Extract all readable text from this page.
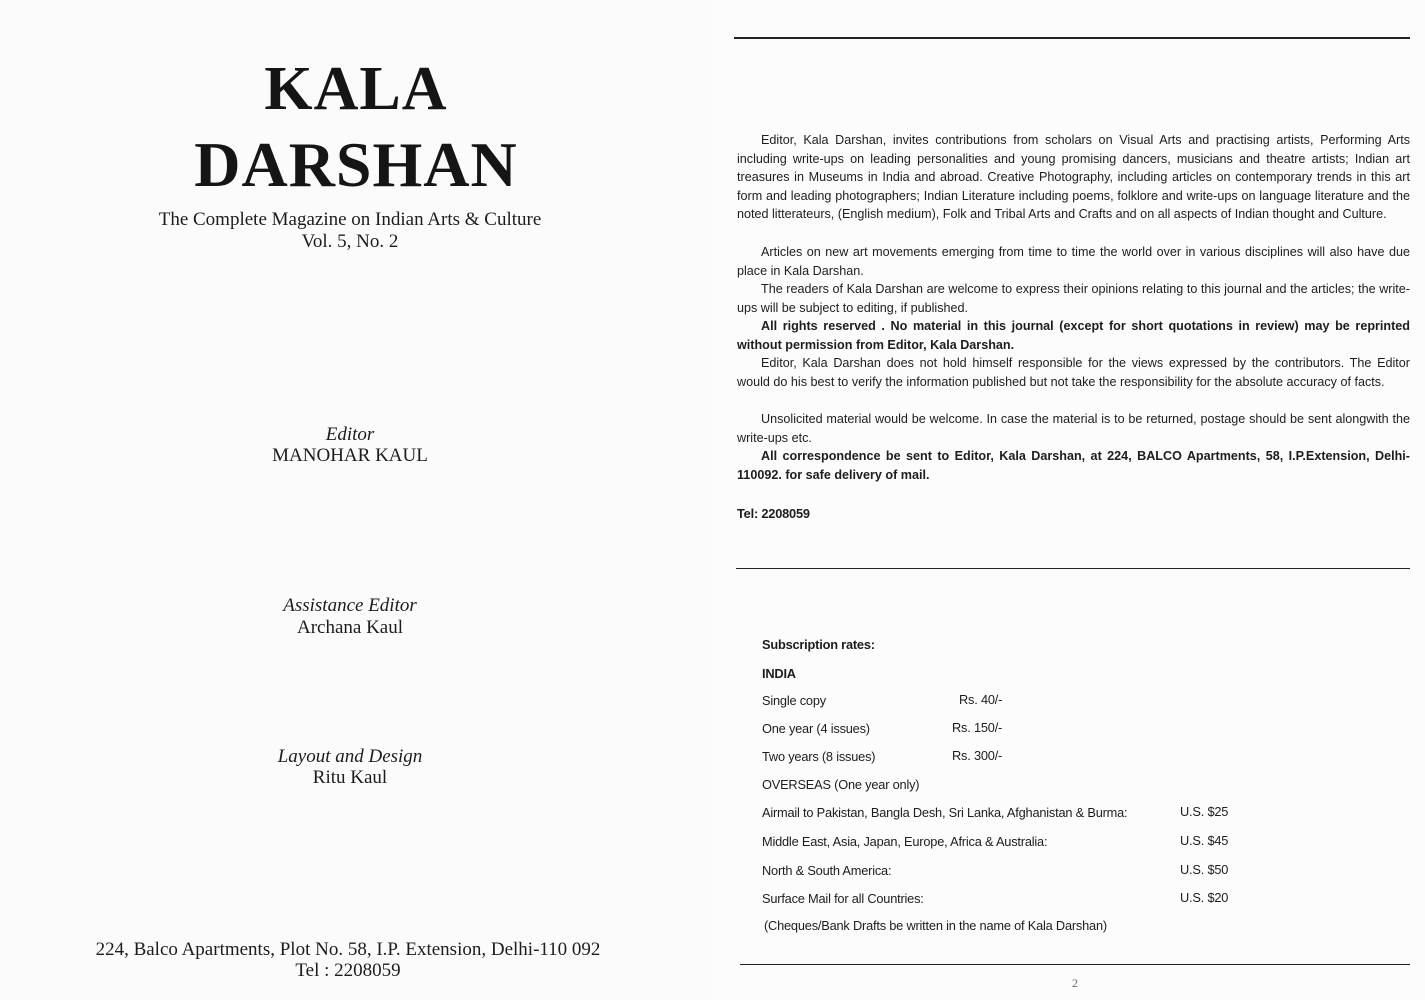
KALA
DARSHAN
The Complete Magazine on Indian Arts & Culture
Vol. 5, No. 2
Editor
MANOHAR KAUL
Assistance Editor
Archana Kaul
Layout and Design
Ritu Kaul
224, Balco Apartments, Plot No. 58, I.P. Extension, Delhi-110 092
Tel : 2208059
Editor, Kala Darshan, invites contributions from scholars on Visual Arts and practising artists, Performing Arts including write-ups on leading personalities and young promising dancers, musicians and theatre artists; Indian art treasures in Museums in India and abroad. Creative Photography, including articles on contemporary trends in this art form and leading photographers; Indian Literature including poems, folklore and write-ups on language literature and the noted litterateurs, (English medium), Folk and Tribal Arts and Crafts and on all aspects of Indian thought and Culture.
Articles on new art movements emerging from time to time the world over in various disciplines will also have due place in Kala Darshan.
The readers of Kala Darshan are welcome to express their opinions relating to this journal and the articles; the write-ups will be subject to editing, if published.
All rights reserved . No material in this journal (except for short quotations in review) may be reprinted without permission from Editor, Kala Darshan.
Editor, Kala Darshan does not hold himself responsible for the views expressed by the contributors. The Editor would do his best to verify the information published but not take the responsibility for the absolute accuracy of facts.
Unsolicited material would be welcome. In case the material is to be returned, postage should be sent alongwith the write-ups etc.
All correspondence be sent to Editor, Kala Darshan, at 224, BALCO Apartments, 58, I.P.Extension, Delhi-110092. for safe delivery of mail.
Tel: 2208059
Subscription rates:
INDIA
Single copy	Rs. 40/-
One year (4 issues)	Rs. 150/-
Two years (8 issues)	Rs. 300/-
OVERSEAS (One year only)
Airmail to Pakistan, Bangla Desh, Sri Lanka, Afghanistan & Burma:	U.S. $25
Middle East, Asia, Japan, Europe, Africa & Australia:	U.S. $45
North & South America:	U.S. $50
Surface Mail for all Countries:	U.S. $20
(Cheques/Bank Drafts be written in the name of Kala Darshan)
2
